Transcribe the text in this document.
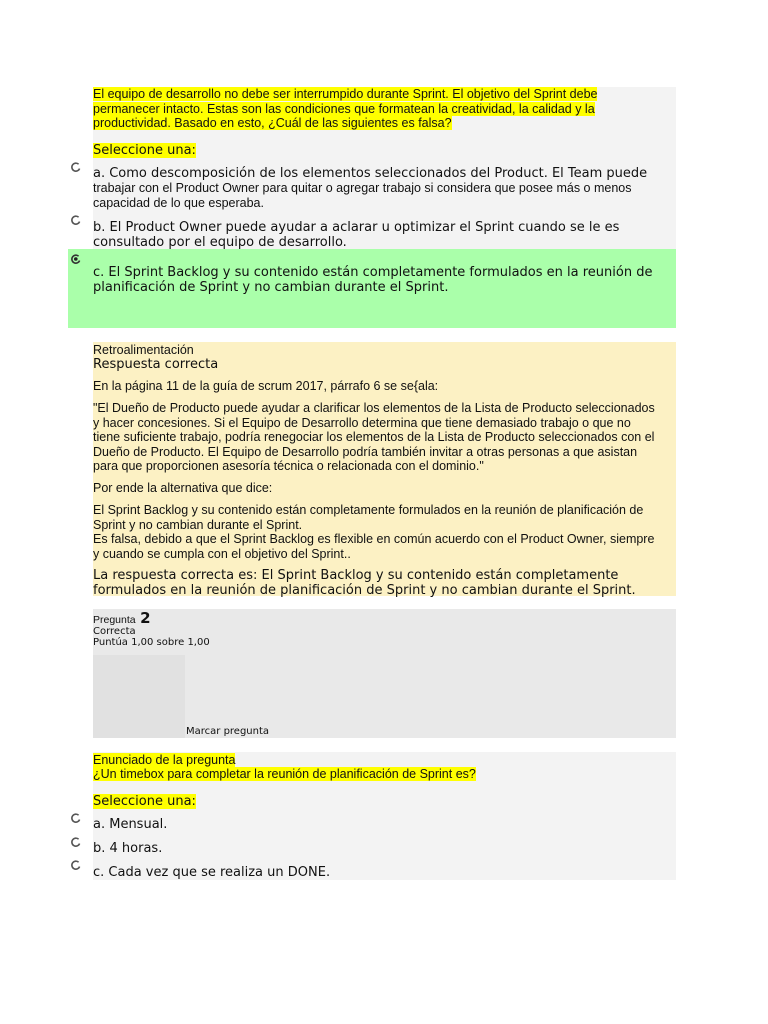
El equipo de desarrollo no debe ser interrumpido durante Sprint. El objetivo del Sprint debe

permanecer intacto. Estas son las condiciones que formatean la creatividad, la calidad y la

productividad. Basado en esto, ¿Cuál de las siguientes es falsa?

Seleccione una:

a. Como descomposición de los elementos seleccionados del Product. El Team puede

trabajar con el Product Owner para quitar o agregar trabajo si considera que posee más o menos

capacidad de lo que esperaba.

b. El Product Owner puede ayudar a aclarar u optimizar el Sprint cuando se le es

consultado por el equipo de desarrollo.

c. El Sprint Backlog y su contenido están completamente formulados en la reunión de

planificación de Sprint y no cambian durante el Sprint.

Retroalimentación
Respuesta correcta
En la página 11 de la guía de scrum 2017, párrafo 6 se se{ala:

"El Dueño de Producto puede ayudar a clarificar los elementos de la Lista de Producto seleccionados

y hacer concesiones. Si el Equipo de Desarrollo determina que tiene demasiado trabajo o que no

tiene suficiente trabajo, podría renegociar los elementos de la Lista de Producto seleccionados con el

Dueño de Producto. El Equipo de Desarrollo podría también invitar a otras personas a que asistan

para que proporcionen asesoría técnica o relacionada con el dominio."

Por ende la alternativa que dice:

El Sprint Backlog y su contenido están completamente formulados en la reunión de planificación de

Sprint y no cambian durante el Sprint.

Es falsa, debido a que el Sprint Backlog es flexible en común acuerdo con el Product Owner, siempre

y cuando se cumpla con el objetivo del Sprint..

La respuesta correcta es: El Sprint Backlog y su contenido están completamente

formulados en la reunión de planificación de Sprint y no cambian durante el Sprint.

Pregunta 2
Correcta
Puntúa 1,00 sobre 1,00
Marcar pregunta
Enunciado de la pregunta
¿Un timebox para completar la reunión de planificación de Sprint es?
Seleccione una:
a. Mensual.
b. 4 horas.
c. Cada vez que se realiza un DONE.
